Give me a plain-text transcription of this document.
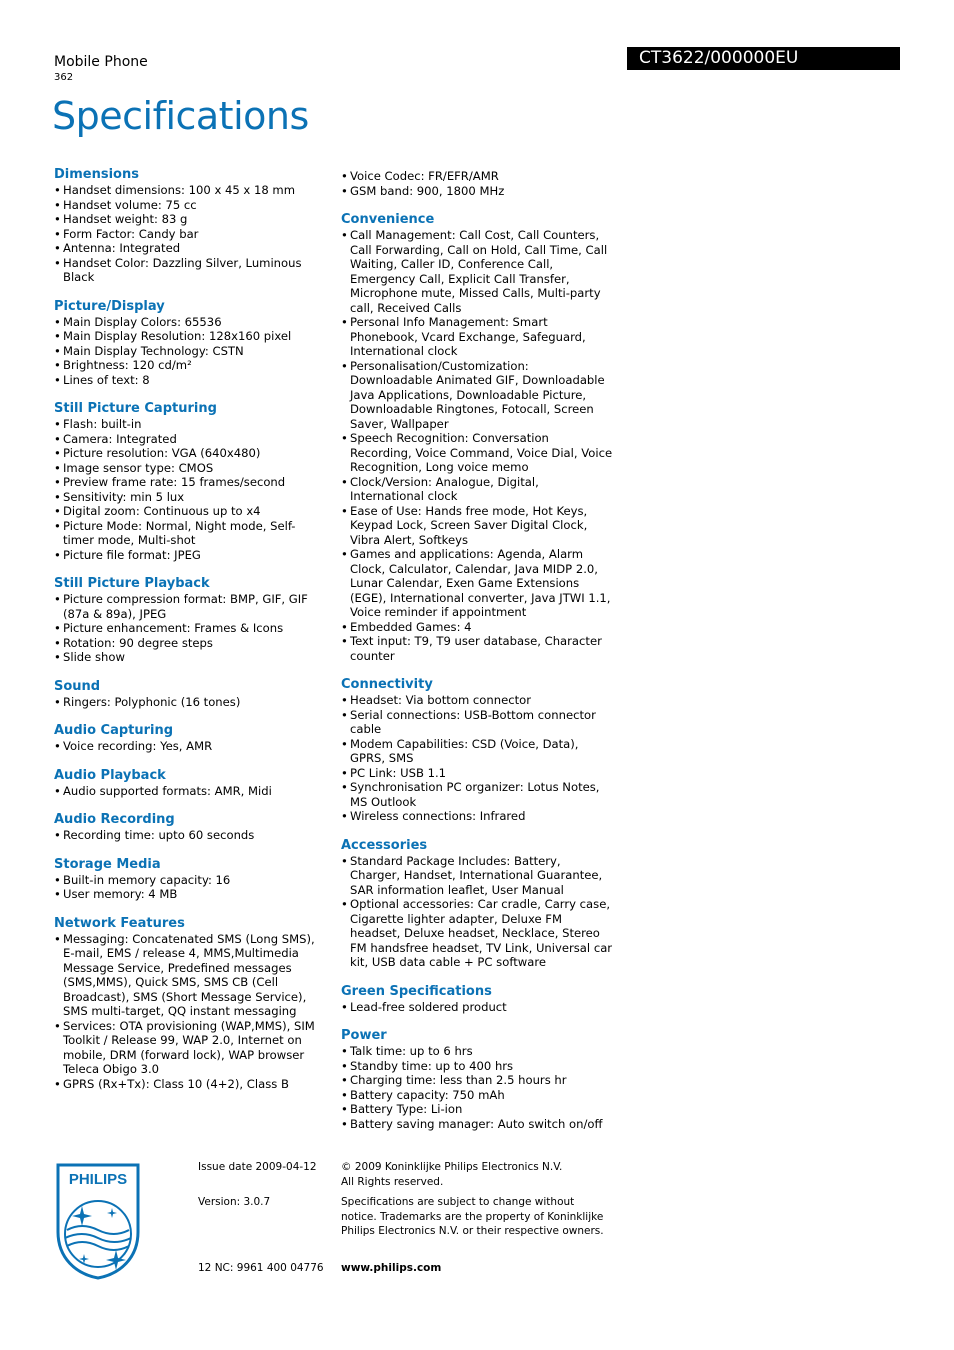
Mobile Phone
362
CT3622/000000EU
Specifications
Dimensions
• Handset dimensions: 100 x 45 x 18 mm
• Handset volume: 75 cc
• Handset weight: 83 g
• Form Factor: Candy bar
• Antenna: Integrated
• Handset Color: Dazzling Silver, Luminous Black
Picture/Display
• Main Display Colors: 65536
• Main Display Resolution: 128x160 pixel
• Main Display Technology: CSTN
• Brightness: 120 cd/m²
• Lines of text: 8
Still Picture Capturing
• Flash: built-in
• Camera: Integrated
• Picture resolution: VGA (640x480)
• Image sensor type: CMOS
• Preview frame rate: 15 frames/second
• Sensitivity: min 5 lux
• Digital zoom: Continuous up to x4
• Picture Mode: Normal, Night mode, Self-timer mode, Multi-shot
• Picture file format: JPEG
Still Picture Playback
• Picture compression format: BMP, GIF, GIF (87a & 89a), JPEG
• Picture enhancement: Frames & Icons
• Rotation: 90 degree steps
• Slide show
Sound
• Ringers: Polyphonic (16 tones)
Audio Capturing
• Voice recording: Yes, AMR
Audio Playback
• Audio supported formats: AMR, Midi
Audio Recording
• Recording time: upto 60 seconds
Storage Media
• Built-in memory capacity: 16
• User memory: 4 MB
Network Features
• Messaging: Concatenated SMS (Long SMS), E-mail, EMS / release 4, MMS,Multimedia Message Service, Predefined messages (SMS,MMS), Quick SMS, SMS CB (Cell Broadcast), SMS (Short Message Service), SMS multi-target, QQ instant messaging
• Services: OTA provisioning (WAP,MMS), SIM Toolkit / Release 99, WAP 2.0, Internet on mobile, DRM (forward lock), WAP browser Teleca Obigo 3.0
• GPRS (Rx+Tx): Class 10 (4+2), Class B
• Voice Codec: FR/EFR/AMR
• GSM band: 900, 1800 MHz
Convenience
• Call Management: Call Cost, Call Counters, Call Forwarding, Call on Hold, Call Time, Call Waiting, Caller ID, Conference Call, Emergency Call, Explicit Call Transfer, Microphone mute, Missed Calls, Multi-party call, Received Calls
• Personal Info Management: Smart Phonebook, Vcard Exchange, Safeguard, International clock
• Personalisation/Customization: Downloadable Animated GIF, Downloadable Java Applications, Downloadable Picture, Downloadable Ringtones, Fotocall, Screen Saver, Wallpaper
• Speech Recognition: Conversation Recording, Voice Command, Voice Dial, Voice Recognition, Long voice memo
• Clock/Version: Analogue, Digital, International clock
• Ease of Use: Hands free mode, Hot Keys, Keypad Lock, Screen Saver Digital Clock, Vibra Alert, Softkeys
• Games and applications: Agenda, Alarm Clock, Calculator, Calendar, Java MIDP 2.0, Lunar Calendar, Exen Game Extensions (EGE), International converter, Java JTWI 1.1, Voice reminder if appointment
• Embedded Games: 4
• Text input: T9, T9 user database, Character counter
Connectivity
• Headset: Via bottom connector
• Serial connections: USB-Bottom connector cable
• Modem Capabilities: CSD (Voice, Data), GPRS, SMS
• PC Link: USB 1.1
• Synchronisation PC organizer: Lotus Notes, MS Outlook
• Wireless connections: Infrared
Accessories
• Standard Package Includes: Battery, Charger, Handset, International Guarantee, SAR information leaflet, User Manual
• Optional accessories: Car cradle, Carry case, Cigarette lighter adapter, Deluxe FM headset, Deluxe headset, Necklace, Stereo FM handsfree headset, TV Link, Universal car kit, USB data cable + PC software
Green Specifications
• Lead-free soldered product
Power
• Talk time: up to 6 hrs
• Standby time: up to 400 hrs
• Charging time: less than 2.5 hours hr
• Battery capacity: 750 mAh
• Battery Type: Li-ion
• Battery saving manager: Auto switch on/off
PHILIPS
Issue date 2009-04-12
Version: 3.0.7
12 NC: 9961 400 04776
© 2009 Koninklijke Philips Electronics N.V.
All Rights reserved.
Specifications are subject to change without notice. Trademarks are the property of Koninklijke Philips Electronics N.V. or their respective owners.
www.philips.com
